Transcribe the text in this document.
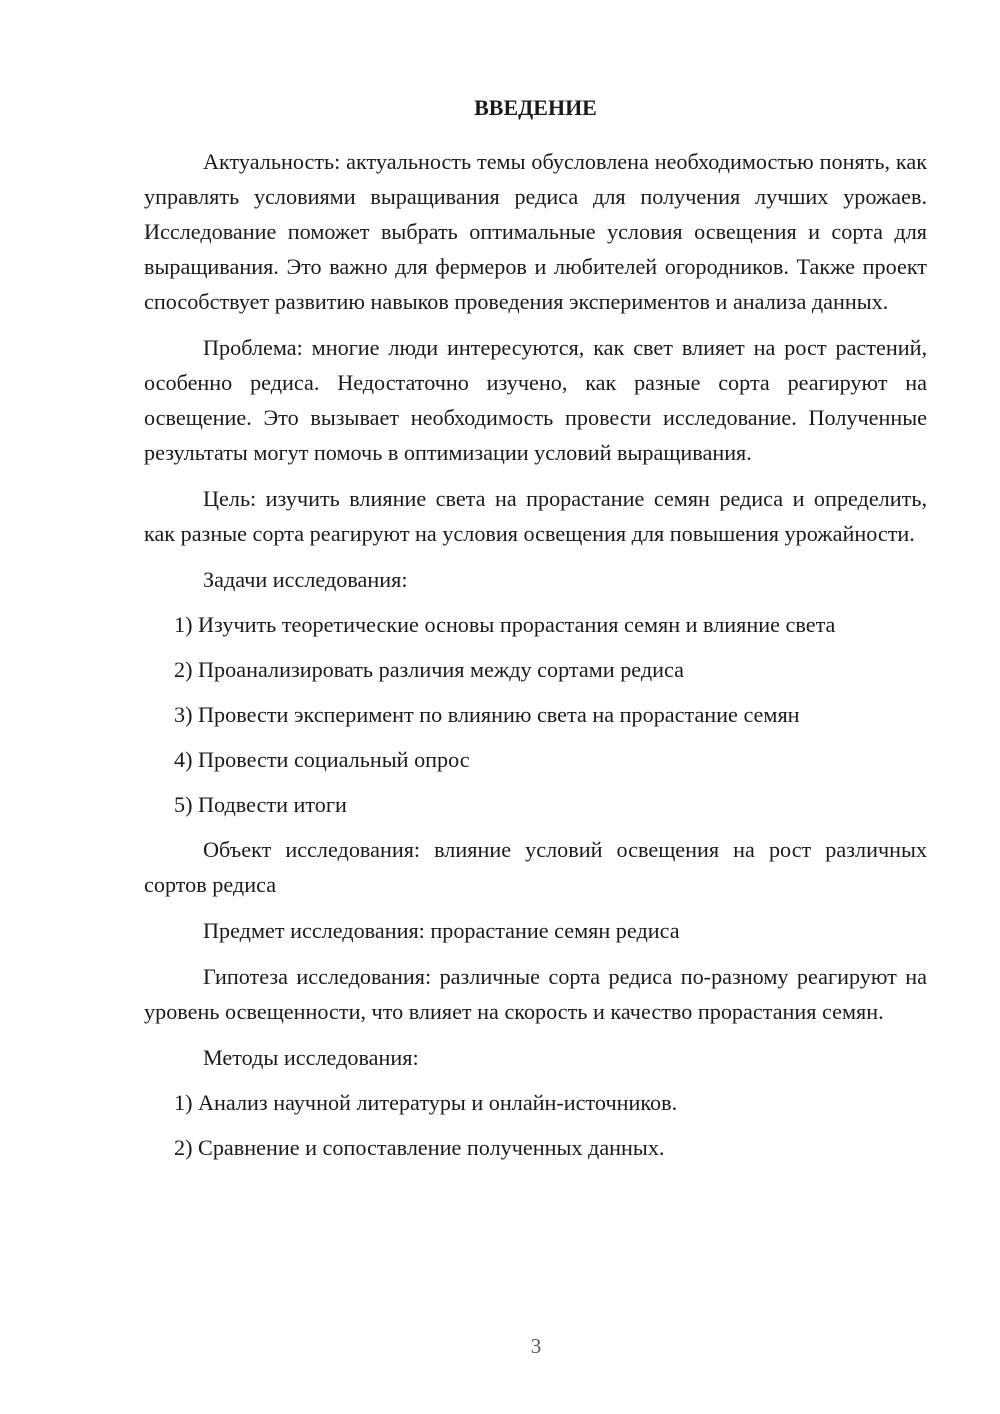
ВВЕДЕНИЕ

Актуальность: актуальность темы обусловлена необходимостью понять, как управлять условиями выращивания редиса для получения лучших урожаев. Исследование поможет выбрать оптимальные условия освещения и сорта для выращивания. Это важно для фермеров и любителей огородников. Также проект способствует развитию навыков проведения экспериментов и анализа данных.

Проблема: многие люди интересуются, как свет влияет на рост растений, особенно редиса. Недостаточно изучено, как разные сорта реагируют на освещение. Это вызывает необходимость провести исследование. Полученные результаты могут помочь в оптимизации условий выращивания.

Цель: изучить влияние света на прорастание семян редиса и определить, как разные сорта реагируют на условия освещения для повышения урожайности.

Задачи исследования:

1) Изучить теоретические основы прорастания семян и влияние света
2) Проанализировать различия между сортами редиса
3) Провести эксперимент по влиянию света на прорастание семян
4) Провести социальный опрос
5) Подвести итоги

Объект исследования: влияние условий освещения на рост различных сортов редиса

Предмет исследования: прорастание семян редиса

Гипотеза исследования: различные сорта редиса по-разному реагируют на уровень освещенности, что влияет на скорость и качество прорастания семян.

Методы исследования:

1) Анализ научной литературы и онлайн-источников.
2) Сравнение и сопоставление полученных данных.
3
